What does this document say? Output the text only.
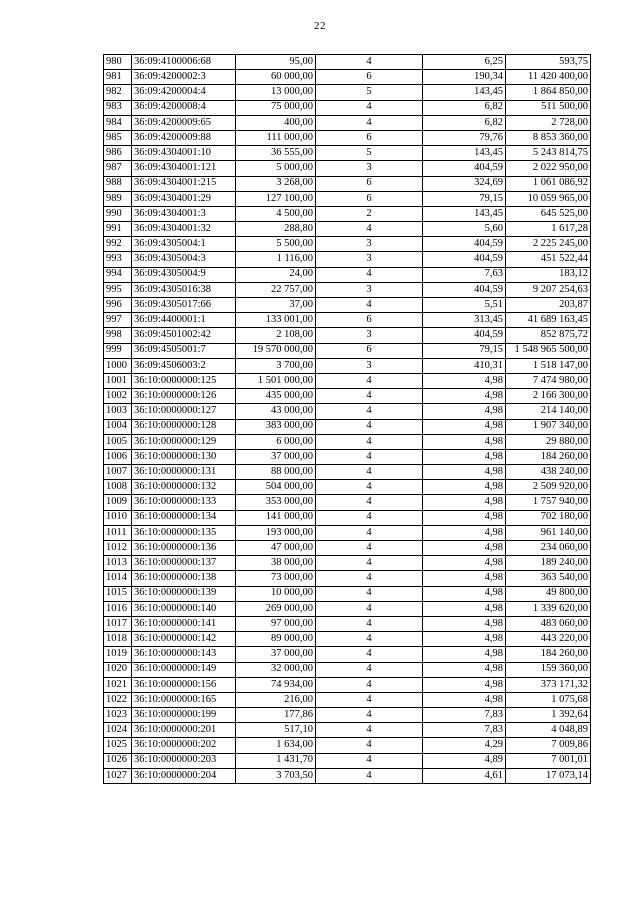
22
980	36:09:4100006:68	95,00	4	6,25	593,75
981	36:09:4200002:3	60 000,00	6	190,34	11 420 400,00
982	36:09:4200004:4	13 000,00	5	143,45	1 864 850,00
983	36:09:4200008:4	75 000,00	4	6,82	511 500,00
984	36:09:4200009:65	400,00	4	6,82	2 728,00
985	36:09:4200009:88	111 000,00	6	79,76	8 853 360,00
986	36:09:4304001:10	36 555,00	5	143,45	5 243 814,75
987	36:09:4304001:121	5 000,00	3	404,59	2 022 950,00
988	36:09:4304001:215	3 268,00	6	324,69	1 061 086,92
989	36:09:4304001:29	127 100,00	6	79,15	10 059 965,00
990	36:09:4304001:3	4 500,00	2	143,45	645 525,00
991	36:09:4304001:32	288,80	4	5,60	1 617,28
992	36:09:4305004:1	5 500,00	3	404,59	2 225 245,00
993	36:09:4305004:3	1 116,00	3	404,59	451 522,44
994	36:09:4305004:9	24,00	4	7,63	183,12
995	36:09:4305016:38	22 757,00	3	404,59	9 207 254,63
996	36:09:4305017:66	37,00	4	5,51	203,87
997	36:09:4400001:1	133 001,00	6	313,45	41 689 163,45
998	36:09:4501002:42	2 108,00	3	404,59	852 875,72
999	36:09:4505001:7	19 570 000,00	6	79,15	1 548 965 500,00
1000	36:09:4506003:2	3 700,00	3	410,31	1 518 147,00
1001	36:10:0000000:125	1 501 000,00	4	4,98	7 474 980,00
1002	36:10:0000000:126	435 000,00	4	4,98	2 166 300,00
1003	36:10:0000000:127	43 000,00	4	4,98	214 140,00
1004	36:10:0000000:128	383 000,00	4	4,98	1 907 340,00
1005	36:10:0000000:129	6 000,00	4	4,98	29 880,00
1006	36:10:0000000:130	37 000,00	4	4,98	184 260,00
1007	36:10:0000000:131	88 000,00	4	4,98	438 240,00
1008	36:10:0000000:132	504 000,00	4	4,98	2 509 920,00
1009	36:10:0000000:133	353 000,00	4	4,98	1 757 940,00
1010	36:10:0000000:134	141 000,00	4	4,98	702 180,00
1011	36:10:0000000:135	193 000,00	4	4,98	961 140,00
1012	36:10:0000000:136	47 000,00	4	4,98	234 060,00
1013	36:10:0000000:137	38 000,00	4	4,98	189 240,00
1014	36:10:0000000:138	73 000,00	4	4,98	363 540,00
1015	36:10:0000000:139	10 000,00	4	4,98	49 800,00
1016	36:10:0000000:140	269 000,00	4	4,98	1 339 620,00
1017	36:10:0000000:141	97 000,00	4	4,98	483 060,00
1018	36:10:0000000:142	89 000,00	4	4,98	443 220,00
1019	36:10:0000000:143	37 000,00	4	4,98	184 260,00
1020	36:10:0000000:149	32 000,00	4	4,98	159 360,00
1021	36:10:0000000:156	74 934,00	4	4,98	373 171,32
1022	36:10:0000000:165	216,00	4	4,98	1 075,68
1023	36:10:0000000:199	177,86	4	7,83	1 392,64
1024	36:10:0000000:201	517,10	4	7,83	4 048,89
1025	36:10:0000000:202	1 634,00	4	4,29	7 009,86
1026	36:10:0000000:203	1 431,70	4	4,89	7 001,01
1027	36:10:0000000:204	3 703,50	4	4,61	17 073,14
